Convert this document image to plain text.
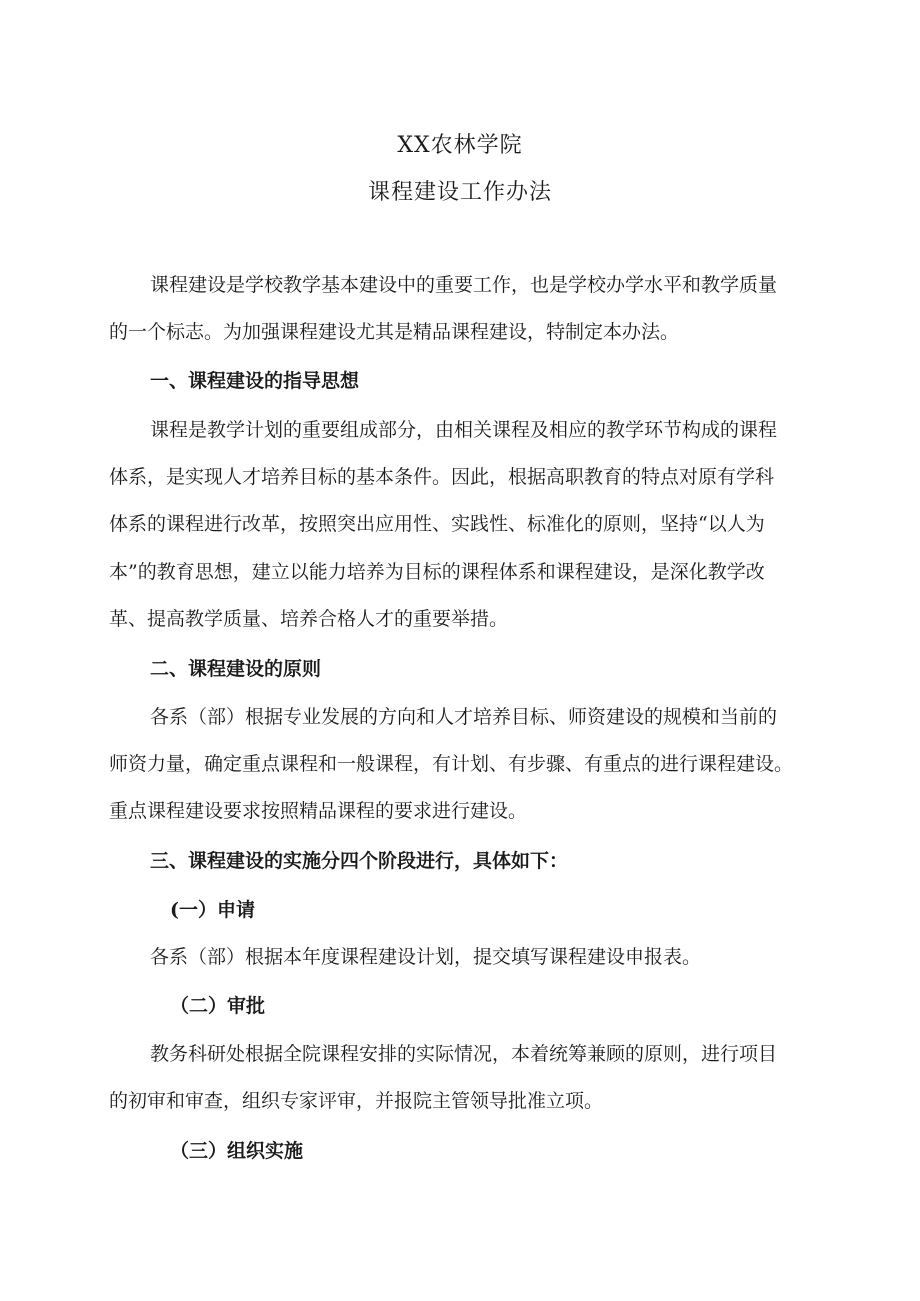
XX农林学院
课程建设工作办法
课程建设是学校教学基本建设中的重要工作，也是学校办学水平和教学质量
的一个标志。为加强课程建设尤其是精品课程建设，特制定本办法。
一、课程建设的指导思想
课程是教学计划的重要组成部分，由相关课程及相应的教学环节构成的课程
体系，是实现人才培养目标的基本条件。因此，根据高职教育的特点对原有学科
体系的课程进行改革，按照突出应用性、实践性、标准化的原则，坚持“以人为
本”的教育思想，建立以能力培养为目标的课程体系和课程建设，是深化教学改
革、提高教学质量、培养合格人才的重要举措。
二、课程建设的原则
各系（部）根据专业发展的方向和人才培养目标、师资建设的规模和当前的
师资力量，确定重点课程和一般课程，有计划、有步骤、有重点的进行课程建设。
重点课程建设要求按照精品课程的要求进行建设。
三、课程建设的实施分四个阶段进行，具体如下：
(一）申请
各系（部）根据本年度课程建设计划，提交填写课程建设申报表。
（二）审批
教务科研处根据全院课程安排的实际情况，本着统筹兼顾的原则，进行项目
的初审和审查，组织专家评审，并报院主管领导批准立项。
（三）组织实施
